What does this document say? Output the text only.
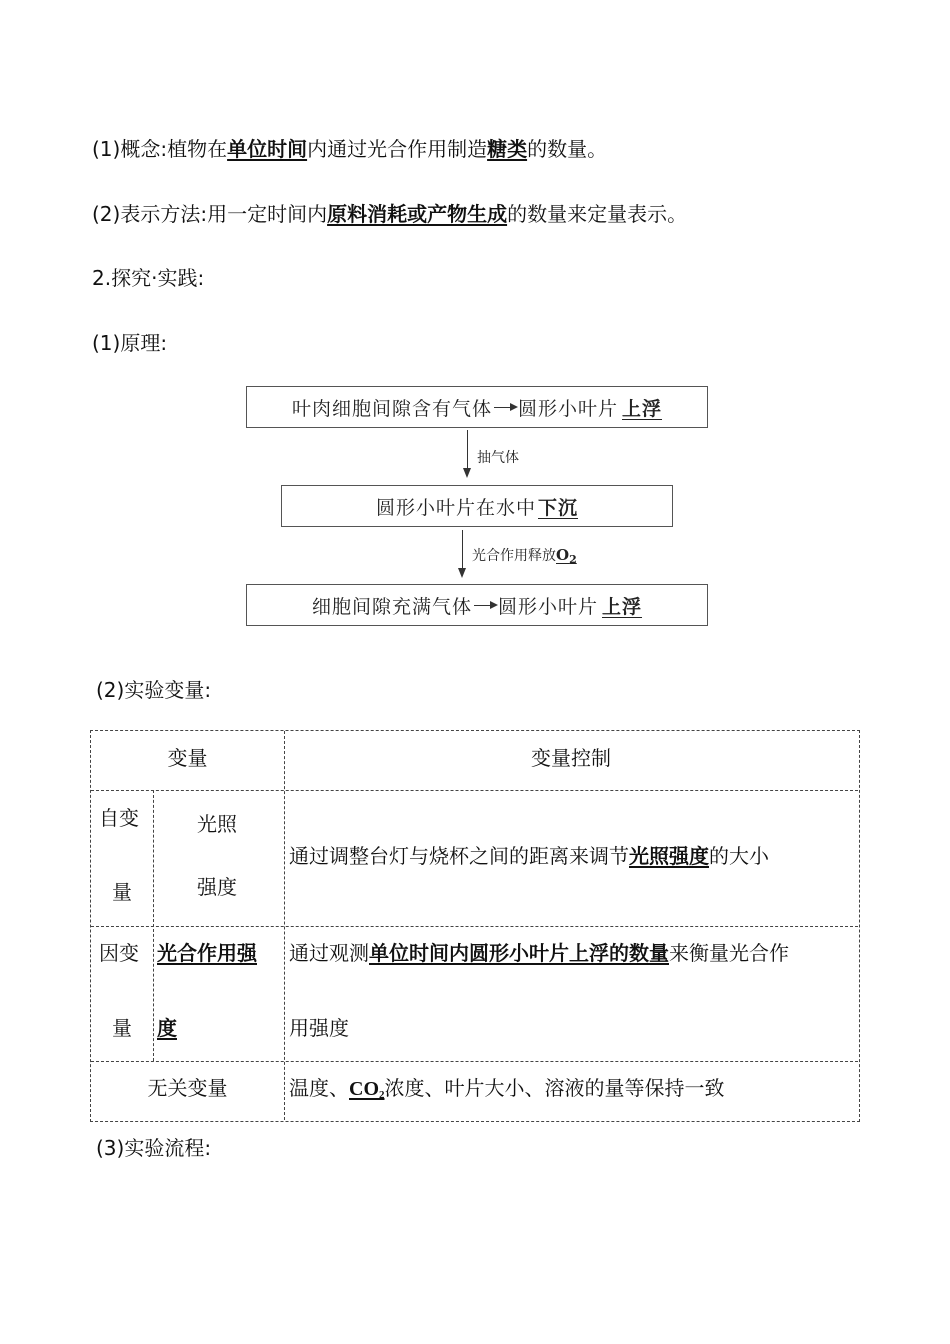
(1)概念:植物在单位时间内通过光合作用制造糖类的数量。
(2)表示方法:用一定时间内原料消耗或产物生成的数量来定量表示。
2.探究·实践:
(1)原理:
叶肉细胞间隙含有气体 圆形小叶片 上浮
抽气体
圆形小叶片在水中 下沉
光合作用释放$O_2$
细胞间隙充满气体 圆形小叶片 上浮
(2)实验变量:
变量	变量控制
自变
量
光照
强度
通过调整台灯与烧杯之间的距离来调节光照强度的大小
因变
量
光合作用强
度
通过观测单位时间内圆形小叶片上浮的数量来衡量光合作
用强度
无关变量	温度、$CO_2$浓度、叶片大小、溶液的量等保持一致
(3)实验流程:
